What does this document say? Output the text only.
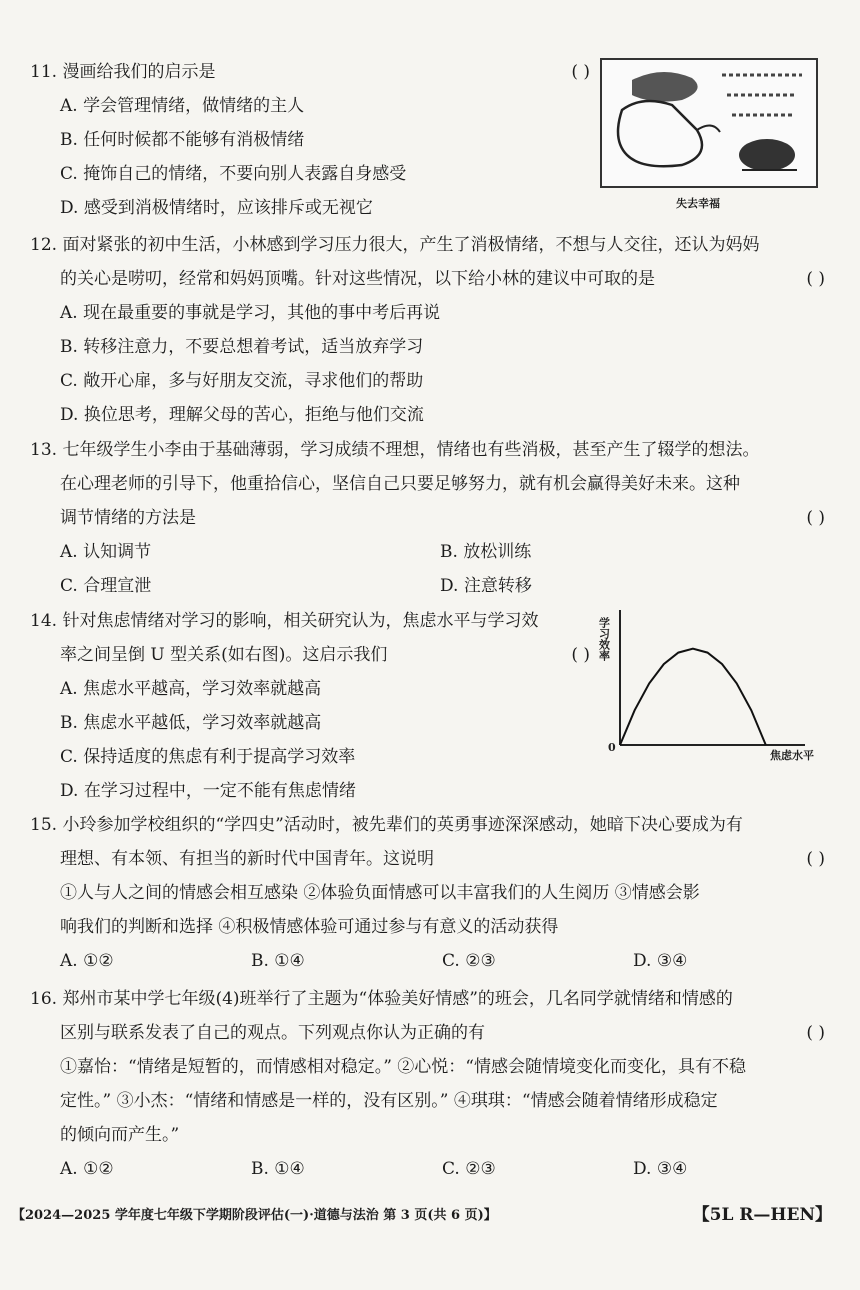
11. 漫画给我们的启示是	( )
A. 学会管理情绪，做情绪的主人
B. 任何时候都不能够有消极情绪
C. 掩饰自己的情绪，不要向别人表露自身感受
D. 感受到消极情绪时，应该排斥或无视它	失去幸福
12. 面对紧张的初中生活，小林感到学习压力很大，产生了消极情绪，不想与人交往，还认为妈妈
的关心是唠叨，经常和妈妈顶嘴。针对这些情况，以下给小林的建议中可取的是	( )
A. 现在最重要的事就是学习，其他的事中考后再说
B. 转移注意力，不要总想着考试，适当放弃学习
C. 敞开心扉，多与好朋友交流，寻求他们的帮助
D. 换位思考，理解父母的苦心，拒绝与他们交流
13. 七年级学生小李由于基础薄弱，学习成绩不理想，情绪也有些消极，甚至产生了辍学的想法。
在心理老师的引导下，他重拾信心，坚信自己只要足够努力，就有机会赢得美好未来。这种
调节情绪的方法是	( )
A. 认知调节	B. 放松训练
C. 合理宣泄	D. 注意转移
14. 针对焦虑情绪对学习的影响，相关研究认为，焦虑水平与学习效
率之间呈倒 U 型关系(如右图)。这启示我们	( )
A. 焦虑水平越高，学习效率就越高
B. 焦虑水平越低，学习效率就越高
C. 保持适度的焦虑有利于提高学习效率
D. 在学习过程中，一定不能有焦虑情绪
学习效率
0
焦虑水平
15. 小玲参加学校组织的“学四史”活动时，被先辈们的英勇事迹深深感动，她暗下决心要成为有
理想、有本领、有担当的新时代中国青年。这说明	( )
①人与人之间的情感会相互感染 ②体验负面情感可以丰富我们的人生阅历 ③情感会影
响我们的判断和选择 ④积极情感体验可通过参与有意义的活动获得
A. ①②	B. ①④	C. ②③	D. ③④
16. 郑州市某中学七年级(4)班举行了主题为“体验美好情感”的班会，几名同学就情绪和情感的
区别与联系发表了自己的观点。下列观点你认为正确的有	( )
①嘉怡：“情绪是短暂的，而情感相对稳定。” ②心悦：“情感会随情境变化而变化，具有不稳
定性。” ③小杰：“情绪和情感是一样的，没有区别。” ④琪琪：“情感会随着情绪形成稳定
的倾向而产生。”
A. ①②	B. ①④	C. ②③	D. ③④
【2024—2025 学年度七年级下学期阶段评估(一)·道德与法治 第 3 页(共 6 页)】	【5L R—HEN】
